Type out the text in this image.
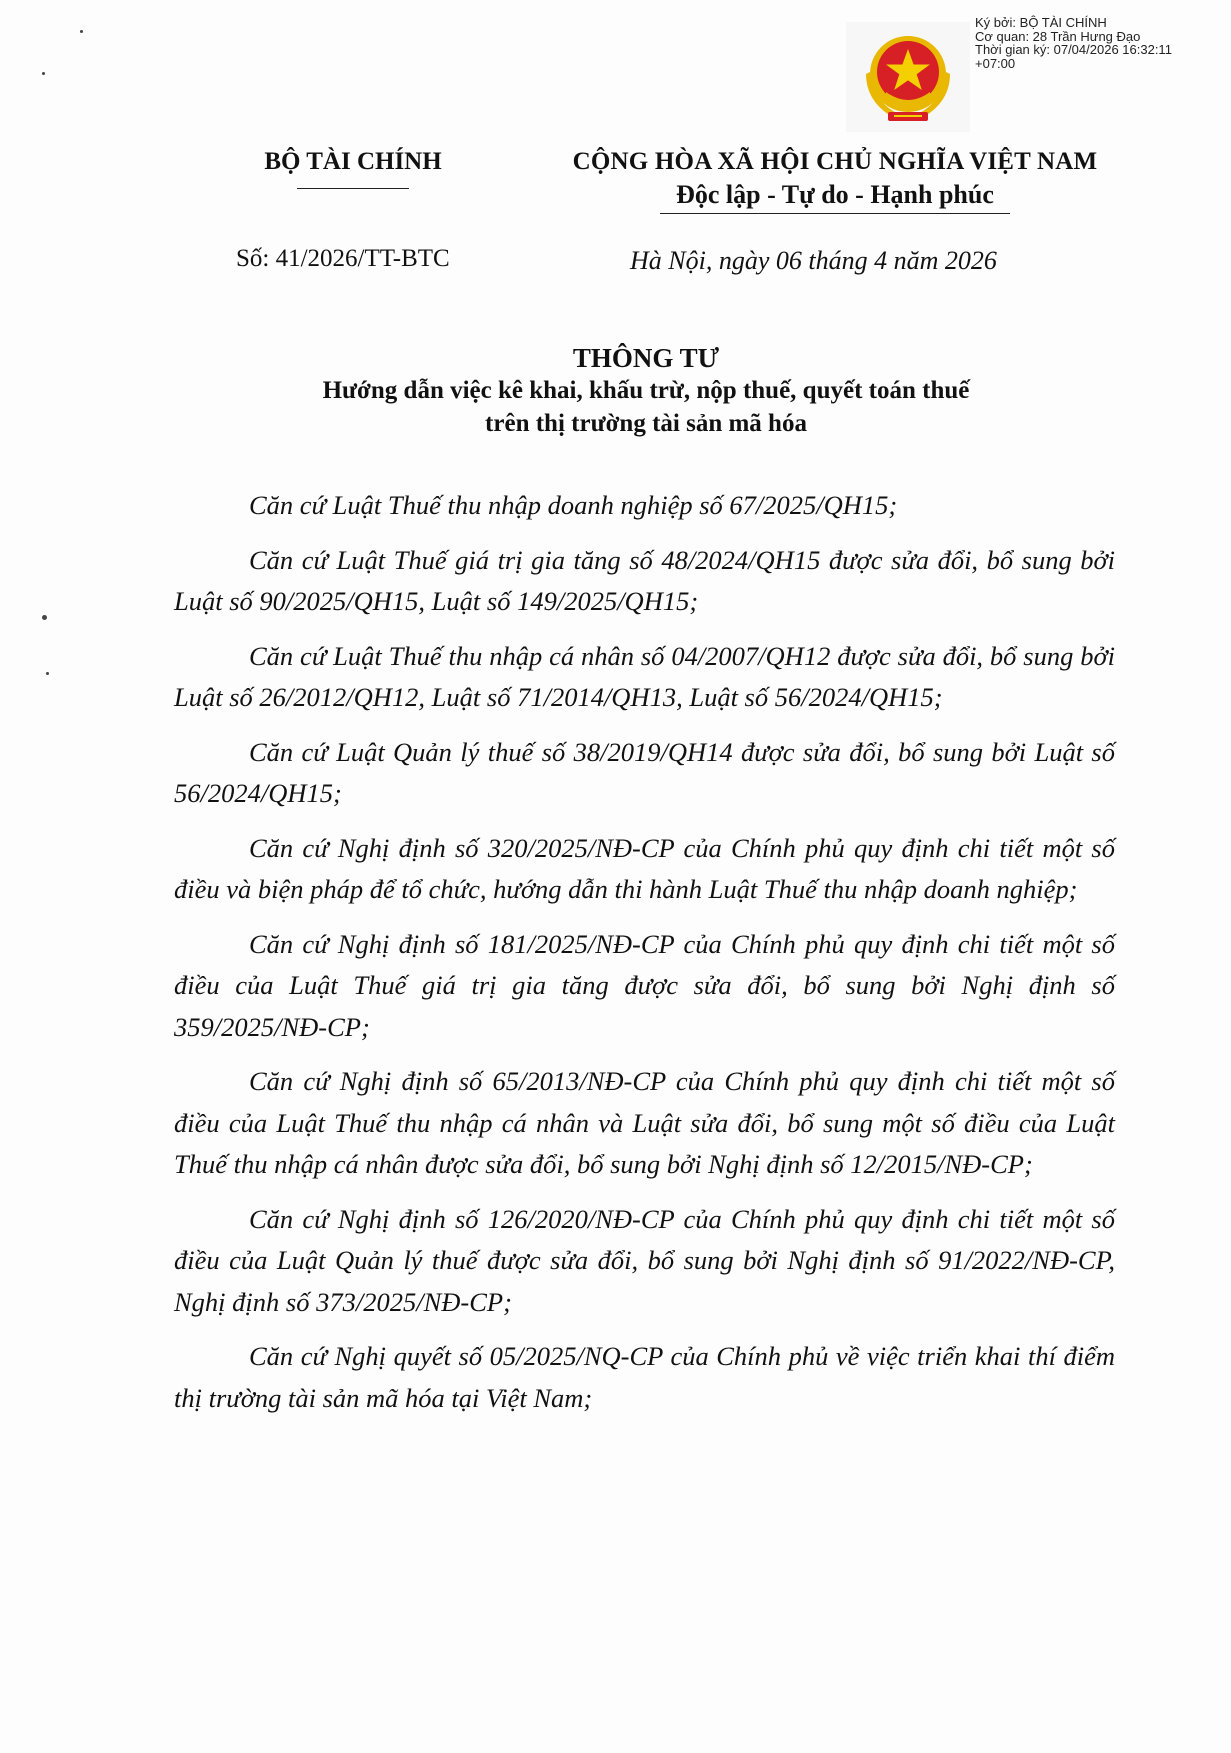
Ký bởi: BỘ TÀI CHÍNH
Cơ quan: 28 Trần Hưng Đạo
Thời gian ký: 07/04/2026 16:32:11
+07:00
BỘ TÀI CHÍNH	CỘNG HÒA XÃ HỘI CHỦ NGHĨA VIỆT NAM
Độc lập - Tự do - Hạnh phúc
Số: 41/2026/TT-BTC	Hà Nội, ngày 06 tháng 4 năm 2026
THÔNG TƯ
Hướng dẫn việc kê khai, khấu trừ, nộp thuế, quyết toán thuế
trên thị trường tài sản mã hóa

Căn cứ Luật Thuế thu nhập doanh nghiệp số 67/2025/QH15;

Căn cứ Luật Thuế giá trị gia tăng số 48/2024/QH15 được sửa đổi, bổ sung bởi Luật số 90/2025/QH15, Luật số 149/2025/QH15;

Căn cứ Luật Thuế thu nhập cá nhân số 04/2007/QH12 được sửa đổi, bổ sung bởi Luật số 26/2012/QH12, Luật số 71/2014/QH13, Luật số 56/2024/QH15;

Căn cứ Luật Quản lý thuế số 38/2019/QH14 được sửa đổi, bổ sung bởi Luật số 56/2024/QH15;

Căn cứ Nghị định số 320/2025/NĐ-CP của Chính phủ quy định chi tiết một số điều và biện pháp để tổ chức, hướng dẫn thi hành Luật Thuế thu nhập doanh nghiệp;

Căn cứ Nghị định số 181/2025/NĐ-CP của Chính phủ quy định chi tiết một số điều của Luật Thuế giá trị gia tăng được sửa đổi, bổ sung bởi Nghị định số 359/2025/NĐ-CP;

Căn cứ Nghị định số 65/2013/NĐ-CP của Chính phủ quy định chi tiết một số điều của Luật Thuế thu nhập cá nhân và Luật sửa đổi, bổ sung một số điều của Luật Thuế thu nhập cá nhân được sửa đổi, bổ sung bởi Nghị định số 12/2015/NĐ-CP;

Căn cứ Nghị định số 126/2020/NĐ-CP của Chính phủ quy định chi tiết một số điều của Luật Quản lý thuế được sửa đổi, bổ sung bởi Nghị định số 91/2022/NĐ-CP, Nghị định số 373/2025/NĐ-CP;

Căn cứ Nghị quyết số 05/2025/NQ-CP của Chính phủ về việc triển khai thí điểm thị trường tài sản mã hóa tại Việt Nam;
